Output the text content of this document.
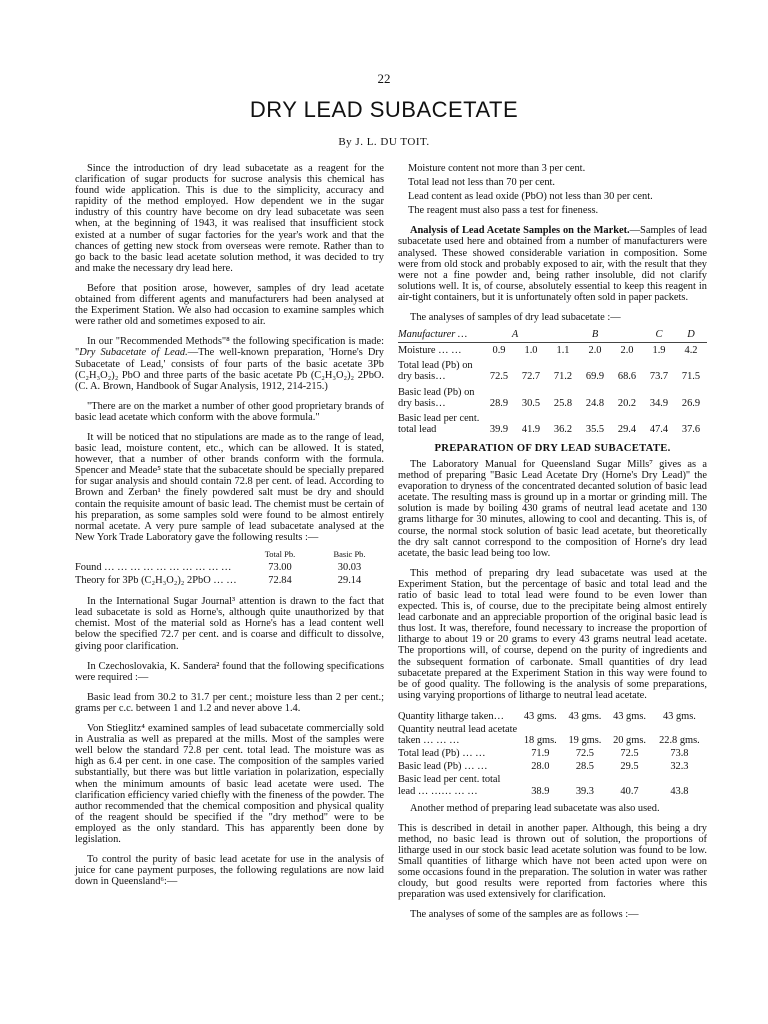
22
DRY LEAD SUBACETATE
By J. L. DU TOIT.

Since the introduction of dry lead subacetate as a reagent for the clarification of sugar products for sucrose analysis this chemical has found wide application. This is due to the simplicity, accuracy and rapidity of the method employed. How dependent we in the sugar industry of this country have become on dry lead subacetate was seen when, at the beginning of 1943, it was realised that insufficient stock existed at a number of sugar factories for the year's work and that the chances of getting new stock from overseas were remote. Rather than to go back to the basic lead acetate solution method, it was decided to try and make the necessary dry lead here.

Before that position arose, however, samples of dry lead acetate obtained from different agents and manufacturers had been analysed at the Experiment Station. We also had occasion to examine samples which were rather old and sometimes exposed to air.

In our "Recommended Methods"⁸ the following specification is made: "Dry Subacetate of Lead.—The well-known preparation, 'Horne's Dry Subacetate of Lead,' consists of four parts of the basic acetate 3Pb (C₂H₃O₂)₂ PbO and three parts of the basic acetate Pb (C₂H₃O₂)₂ 2PbO. (C. A. Brown, Handbook of Sugar Analysis, 1912, 214-215.)

"There are on the market a number of other good proprietary brands of basic lead acetate which conform with the above formula."

It will be noticed that no stipulations are made as to the range of lead, basic lead, moisture content, etc., which can be allowed. It is stated, however, that a number of other brands conform with the formula. Spencer and Meade⁵ state that the subacetate should be specially prepared for sugar analysis and should contain 72.8 per cent. of lead. According to Brown and Zerban¹ the finely powdered salt must be dry and should contain the requisite amount of basic lead. The chemist must be certain of his preparation, as some samples sold were found to be almost entirely normal acetate. A very pure sample of lead subacetate analysed at the New York Trade Laboratory gave the following results :—

	Total Pb.	Basic Pb.
Found … … … … … … … … … …	73.00	30.03
Theory for 3Pb (C₂H₃O₂)₂ 2PbO … …	72.84	29.14

In the International Sugar Journal³ attention is drawn to the fact that lead subacetate is sold as Horne's, although quite unauthorized by that chemist. Most of the material sold as Horne's has a lead content well below the specified 72.7 per cent. and is coarse and difficult to dissolve, giving poor clarification.

In Czechoslovakia, K. Sandera² found that the following specifications were required :—

Basic lead from 30.2 to 31.7 per cent.; moisture less than 2 per cent.; grams per c.c. between 1 and 1.2 and never above 1.4.

Von Stieglitz⁴ examined samples of lead subacetate commercially sold in Australia as well as prepared at the mills. Most of the samples were well below the standard 72.8 per cent. total lead. The moisture was as high as 6.4 per cent. in one case. The composition of the samples varied substantially, but there was but little variation in polarization, especially when the minimum amounts of basic lead acetate were used. The clarification efficiency varied chiefly with the fineness of the powder. The author recommended that the chemical composition and physical quality of the reagent should be specified if the "dry method" were to be employed as the only standard. This has apparently been done by legislation.

To control the purity of basic lead acetate for use in the analysis of juice for cane payment purposes, the following regulations are now laid down in Queensland⁶:—

Moisture content not more than 3 per cent.

Total lead not less than 70 per cent.

Lead content as lead oxide (PbO) not less than 30 per cent.

The reagent must also pass a test for fineness.

Analysis of Lead Acetate Samples on the Market.—Samples of lead subacetate used here and obtained from a number of manufacturers were analysed. These showed considerable variation in composition. Some were from old stock and probably exposed to air, with the result that they were not a fine powder and, being rather insoluble, did not clarify solutions well. It is, of course, absolutely essential to keep this reagent in air-tight containers, but it is unfortunately often sold in paper packets.

The analyses of samples of dry lead subacetate :—

Manufacturer …	A		B			C	D
Moisture … …	0.9	1.0	1.1	2.0	2.0	1.9	4.2
Total lead (Pb) on dry basis…	72.5	72.7	71.2	69.9	68.6	73.7	71.5
Basic lead (Pb) on dry basis…	28.9	30.5	25.8	24.8	20.2	34.9	26.9
Basic lead per cent. total lead	39.9	41.9	36.2	35.5	29.4	47.4	37.6
PREPARATION OF DRY LEAD SUBACETATE.

The Laboratory Manual for Queensland Sugar Mills⁷ gives as a method of preparing "Basic Lead Acetate Dry (Horne's Dry Lead)" the evaporation to dryness of the concentrated decanted solution of basic lead acetate. The resulting mass is ground up in a mortar or grinding mill. The solution is made by boiling 430 grams of neutral lead acetate and 130 grams litharge for 30 minutes, allowing to cool and decanting. This is, of course, the normal stock solution of basic lead acetate, but theoretically the dry salt cannot correspond to the composition of Horne's dry lead acetate, the basic lead being too low.

This method of preparing dry lead subacetate was used at the Experiment Station, but the percentage of basic and total lead and the ratio of basic lead to total lead were found to be even lower than expected. This is, of course, due to the precipitate being almost entirely lead carbonate and an appreciable proportion of the original basic lead is thus lost. It was, therefore, found necessary to increase the proportion of litharge to about 19 or 20 grams to every 43 grams neutral lead acetate. The proportions will, of course, depend on the purity of ingredients and the subsequent formation of carbonate. Small quantities of dry lead subacetate prepared at the Experiment Station in this way were found to be of good quality. The following is the analysis of some preparations, using varying proportions of litharge to neutral lead acetate.

Quantity litharge taken…	43 gms.	43 gms.	43 gms.	43 gms.
Quantity neutral lead acetate taken … … …	18 gms.	19 gms.	20 gms.	22.8 gms.
Total lead (Pb) … …	71.9	72.5	72.5	73.8
Basic lead (Pb) … …	28.0	28.5	29.5	32.3
Basic lead per cent. total lead … …… … …	38.9	39.3	40.7	43.8

Another method of preparing lead subacetate was also used.

This is described in detail in another paper. Although, this being a dry method, no basic lead is thrown out of solution, the proportions of litharge used in our stock basic lead acetate solution was found to be low. Small quantities of litharge which have not been acted upon were on some occasions found in the preparation. The solution in water was rather cloudy, but good results were reported from factories where this preparation was used extensively for clarification.

The analyses of some of the samples are as follows :—
